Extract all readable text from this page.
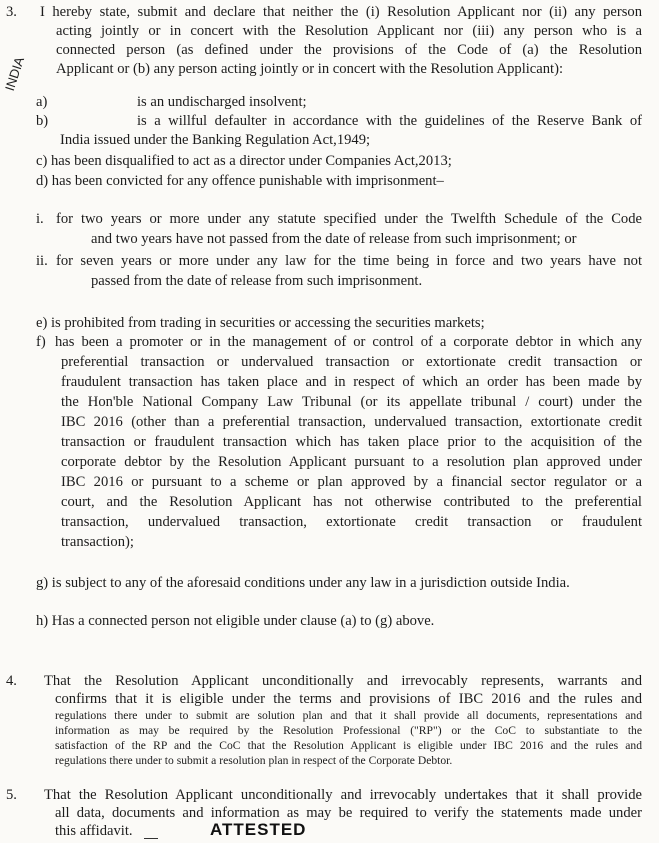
INDIA
3. I hereby state, submit and declare that neither the (i) Resolution Applicant nor (ii) any person
acting jointly or in concert with the Resolution Applicant nor (iii) any person who is a
connected person (as defined under the provisions of the Code of (a) the Resolution
Applicant or (b) any person acting jointly or in concert with the Resolution Applicant):
a)	is an undischarged insolvent;
b)	is a willful defaulter in accordance with the guidelines of the Reserve Bank of
India issued under the Banking Regulation Act,1949;
c) has been disqualified to act as a director under Companies Act,2013;
d) has been convicted for any offence punishable with imprisonment–
i. for two years or more under any statute specified under the Twelfth Schedule of the Code
and two years have not passed from the date of release from such imprisonment; or
ii. for seven years or more under any law for the time being in force and two years have not
passed from the date of release from such imprisonment.
e) is prohibited from trading in securities or accessing the securities markets;
f) has been a promoter or in the management of or control of a corporate debtor in which any
preferential transaction or undervalued transaction or extortionate credit transaction or
fraudulent transaction has taken place and in respect of which an order has been made by
the Hon'ble National Company Law Tribunal (or its appellate tribunal / court) under the
IBC 2016 (other than a preferential transaction, undervalued transaction, extortionate credit
transaction or fraudulent transaction which has taken place prior to the acquisition of the
corporate debtor by the Resolution Applicant pursuant to a resolution plan approved under
IBC 2016 or pursuant to a scheme or plan approved by a financial sector regulator or a
court, and the Resolution Applicant has not otherwise contributed to the preferential
transaction, undervalued transaction, extortionate credit transaction or fraudulent
transaction);
g) is subject to any of the aforesaid conditions under any law in a jurisdiction outside India.
h) Has a connected person not eligible under clause (a) to (g) above.
4. That the Resolution Applicant unconditionally and irrevocably represents, warrants and
confirms that it is eligible under the terms and provisions of IBC 2016 and the rules and
regulations there under to submit are solution plan and that it shall provide all documents, representations and
information as may be required by the Resolution Professional ("RP") or the CoC to substantiate to the
satisfaction of the RP and the CoC that the Resolution Applicant is eligible under IBC 2016 and the rules and
regulations there under to submit a resolution plan in respect of the Corporate Debtor.
5. That the Resolution Applicant unconditionally and irrevocably undertakes that it shall provide
all data, documents and information as may be required to verify the statements made under
this affidavit.	ATTESTED
